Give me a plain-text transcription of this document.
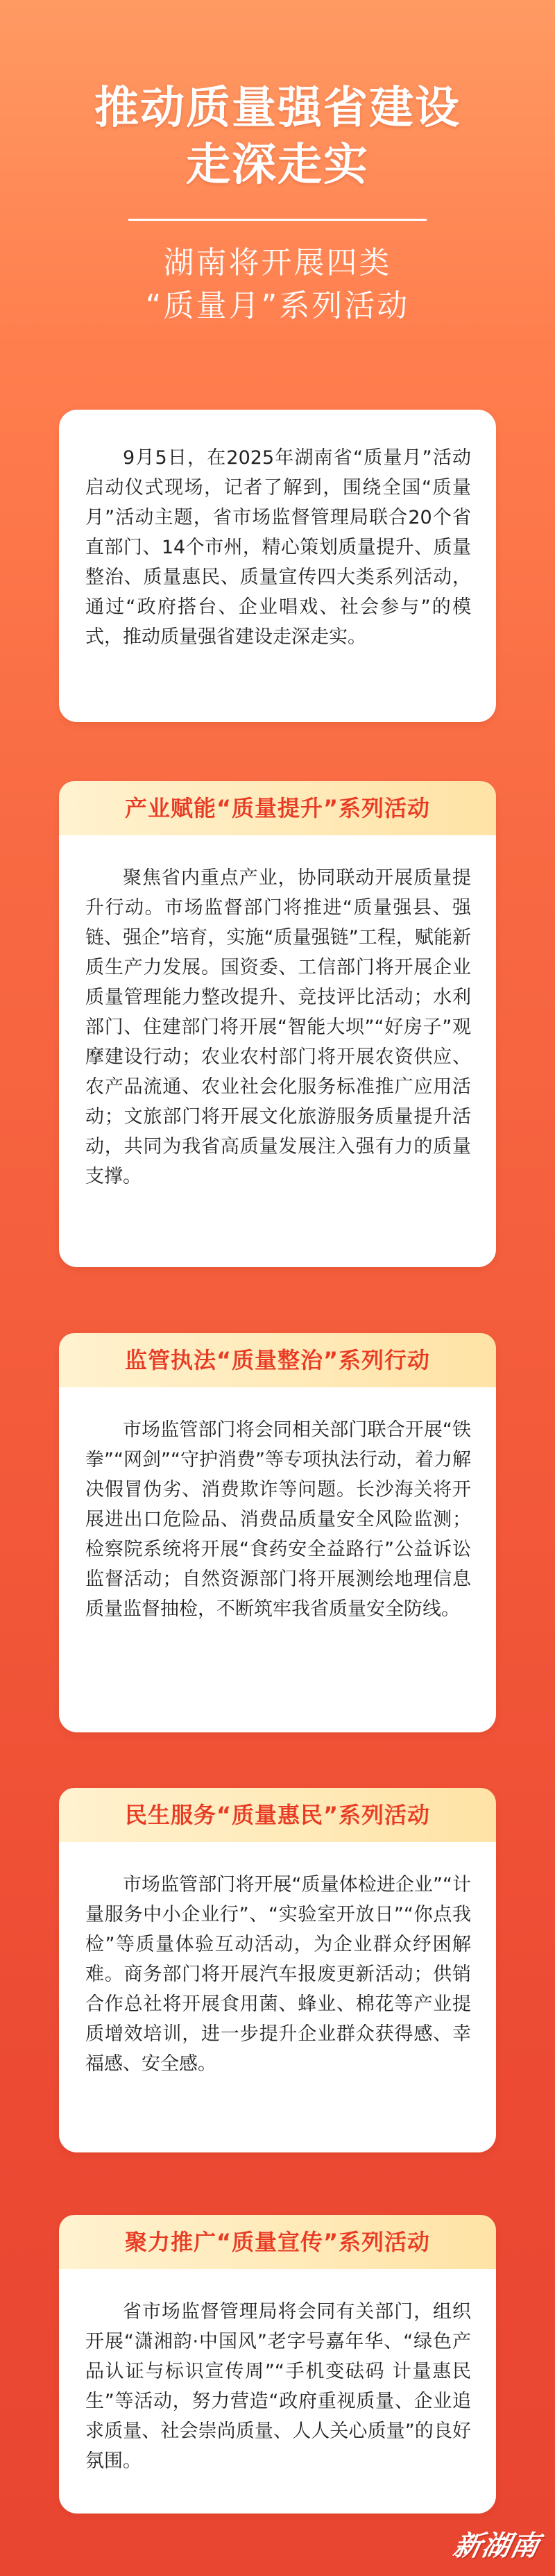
推动质量强省建设
走深走实
湖南将开展四类
“质量月”系列活动

9月5日，在2025年湖南省“质量月”活动启动仪式现场，记者了解到，围绕全国“质量月”活动主题，省市场监督管理局联合20个省直部门、14个市州，精心策划质量提升、质量整治、质量惠民、质量宣传四大类系列活动，通过“政府搭台、企业唱戏、社会参与”的模式，推动质量强省建设走深走实。

产业赋能“质量提升”系列活动

聚焦省内重点产业，协同联动开展质量提升行动。市场监督部门将推进“质量强县、强链、强企”培育，实施“质量强链”工程，赋能新质生产力发展。国资委、工信部门将开展企业质量管理能力整改提升、竞技评比活动；水利部门、住建部门将开展“智能大坝”“好房子”观摩建设行动；农业农村部门将开展农资供应、农产品流通、农业社会化服务标准推广应用活动；文旅部门将开展文化旅游服务质量提升活动，共同为我省高质量发展注入强有力的质量支撑。

监管执法“质量整治”系列行动

市场监管部门将会同相关部门联合开展“铁拳”“网剑”“守护消费”等专项执法行动，着力解决假冒伪劣、消费欺诈等问题。长沙海关将开展进出口危险品、消费品质量安全风险监测；检察院系统将开展“食药安全益路行”公益诉讼监督活动；自然资源部门将开展测绘地理信息质量监督抽检，不断筑牢我省质量安全防线。

民生服务“质量惠民”系列活动

市场监管部门将开展“质量体检进企业”“计量服务中小企业行”、“实验室开放日”“你点我检”等质量体验互动活动，为企业群众纾困解难。商务部门将开展汽车报废更新活动；供销合作总社将开展食用菌、蜂业、棉花等产业提质增效培训，进一步提升企业群众获得感、幸福感、安全感。

聚力推广“质量宣传”系列活动

省市场监督管理局将会同有关部门，组织开展“潇湘韵·中国风”老字号嘉年华、“绿色产品认证与标识宣传周”“手机变砝码 计量惠民生”等活动，努力营造“政府重视质量、企业追求质量、社会崇尚质量、人人关心质量”的良好氛围。

新湖南
